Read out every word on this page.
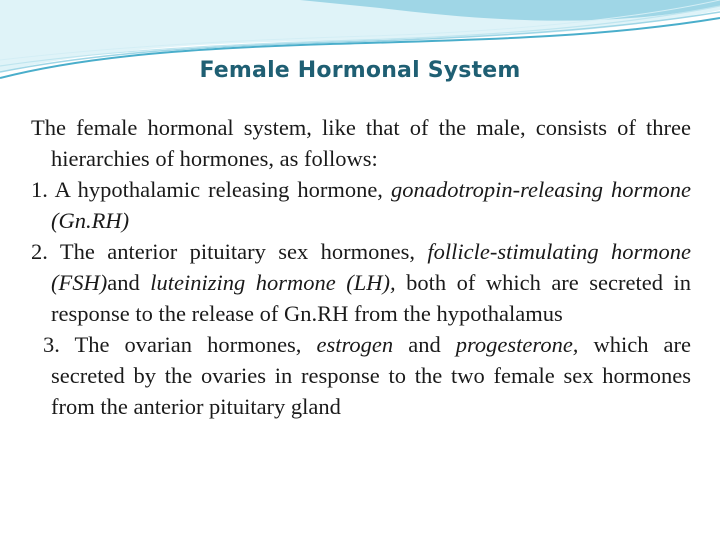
Female Hormonal System

The female hormonal system, like that of the male, consists of three hierarchies of hormones, as follows:

1. A hypothalamic releasing hormone, gonadotropin-releasing hormone (Gn.RH)

2. The anterior pituitary sex hormones, follicle-stimulating hormone (FSH)and luteinizing hormone (LH), both of which are secreted in response to the release of Gn.RH from the hypothalamus

3. The ovarian hormones, estrogen and progesterone, which are secreted by the ovaries in response to the two female sex hormones from the anterior pituitary gland
